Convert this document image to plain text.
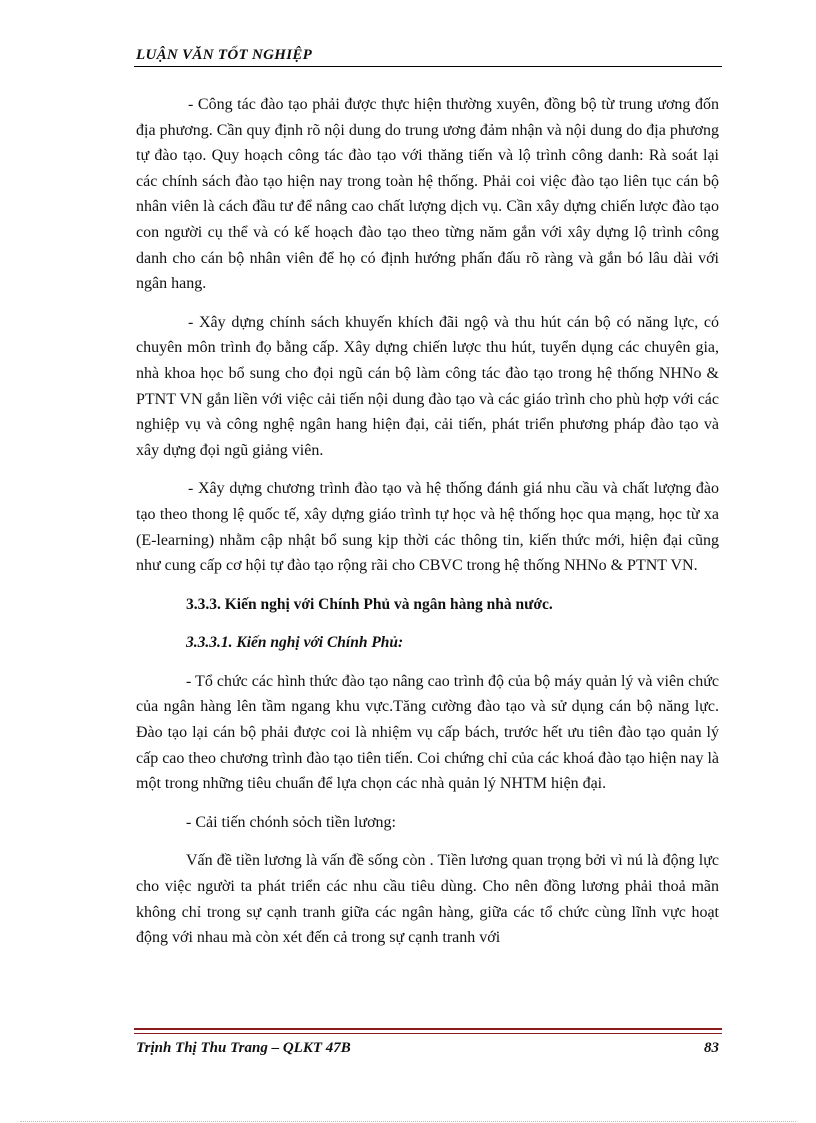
LUẬN VĂN TỐT NGHIỆP

- Công tác đào tạo phải được thực hiện thường xuyên, đồng bộ từ trung ương đốn địa phương. Cần quy định rõ nội dung do trung ương đảm nhận và nội dung do địa phương tự đào tạo. Quy hoạch công tác đào tạo với thăng tiến và lộ trình công danh: Rà soát lại các chính sách đào tạo hiện nay trong toàn hệ thống. Phải coi việc đào tạo liên tục cán bộ nhân viên là cách đầu tư để nâng cao chất lượng dịch vụ. Cần xây dựng chiến lược đào tạo con người cụ thể và có kế hoạch đào tạo theo từng năm gắn với xây dựng lộ trình công danh cho cán bộ nhân viên để họ có định hướng phấn đấu rõ ràng và gắn bó lâu dài với ngân hang.

- Xây dựng chính sách khuyến khích đãi ngộ và thu hút cán bộ có năng lực, có chuyên môn trình đọ bằng cấp. Xây dựng chiến lược thu hút, tuyển dụng các chuyên gia, nhà khoa học bổ sung cho đọi ngũ cán bộ làm công tác đào tạo trong hệ thống NHNo & PTNT VN gắn liền với việc cải tiến nội dung đào tạo và các giáo trình cho phù hợp với các nghiệp vụ và công nghệ ngân hang hiện đại, cải tiến, phát triển phương pháp đào tạo và xây dựng đọi ngũ giảng viên.

- Xây dựng chương trình đào tạo và hệ thống đánh giá nhu cầu và chất lượng đào tạo theo thong lệ quốc tế, xây dựng giáo trình tự học và hệ thống học qua mạng, học từ xa (E-learning) nhằm cập nhật bổ sung kịp thời các thông tin, kiến thức mới, hiện đại cũng như cung cấp cơ hội tự đào tạo rộng rãi cho CBVC trong hệ thống NHNo & PTNT VN.

3.3.3. Kiến nghị với Chính Phủ và ngân hàng nhà nước.

3.3.3.1. Kiến nghị với Chính Phủ:

- Tổ chức các hình thức đào tạo nâng cao trình độ của bộ máy quản lý và viên chức của ngân hàng lên tầm ngang khu vực.Tăng cường đào tạo và sử dụng cán bộ năng lực. Đào tạo lại cán bộ phải được coi là nhiệm vụ cấp bách, trước hết ưu tiên đào tạo quản lý cấp cao theo chương trình đào tạo tiên tiến. Coi chứng chỉ của các khoá đào tạo hiện nay là một trong những tiêu chuẩn để lựa chọn các nhà quản lý NHTM hiện đại.

- Cải tiến chónh sỏch tiền lương:

Vấn đề tiền lương là vấn đề sống còn . Tiền lương quan trọng bởi vì nú là động lực cho việc người ta phát triển các nhu cầu tiêu dùng. Cho nên đồng lương phải thoả mãn không chỉ trong sự cạnh tranh giữa các ngân hàng, giữa các tổ chức cùng lĩnh vực hoạt động với nhau mà còn xét đến cả trong sự cạnh tranh với

Trịnh Thị Thu Trang – QLKT 47B	83
